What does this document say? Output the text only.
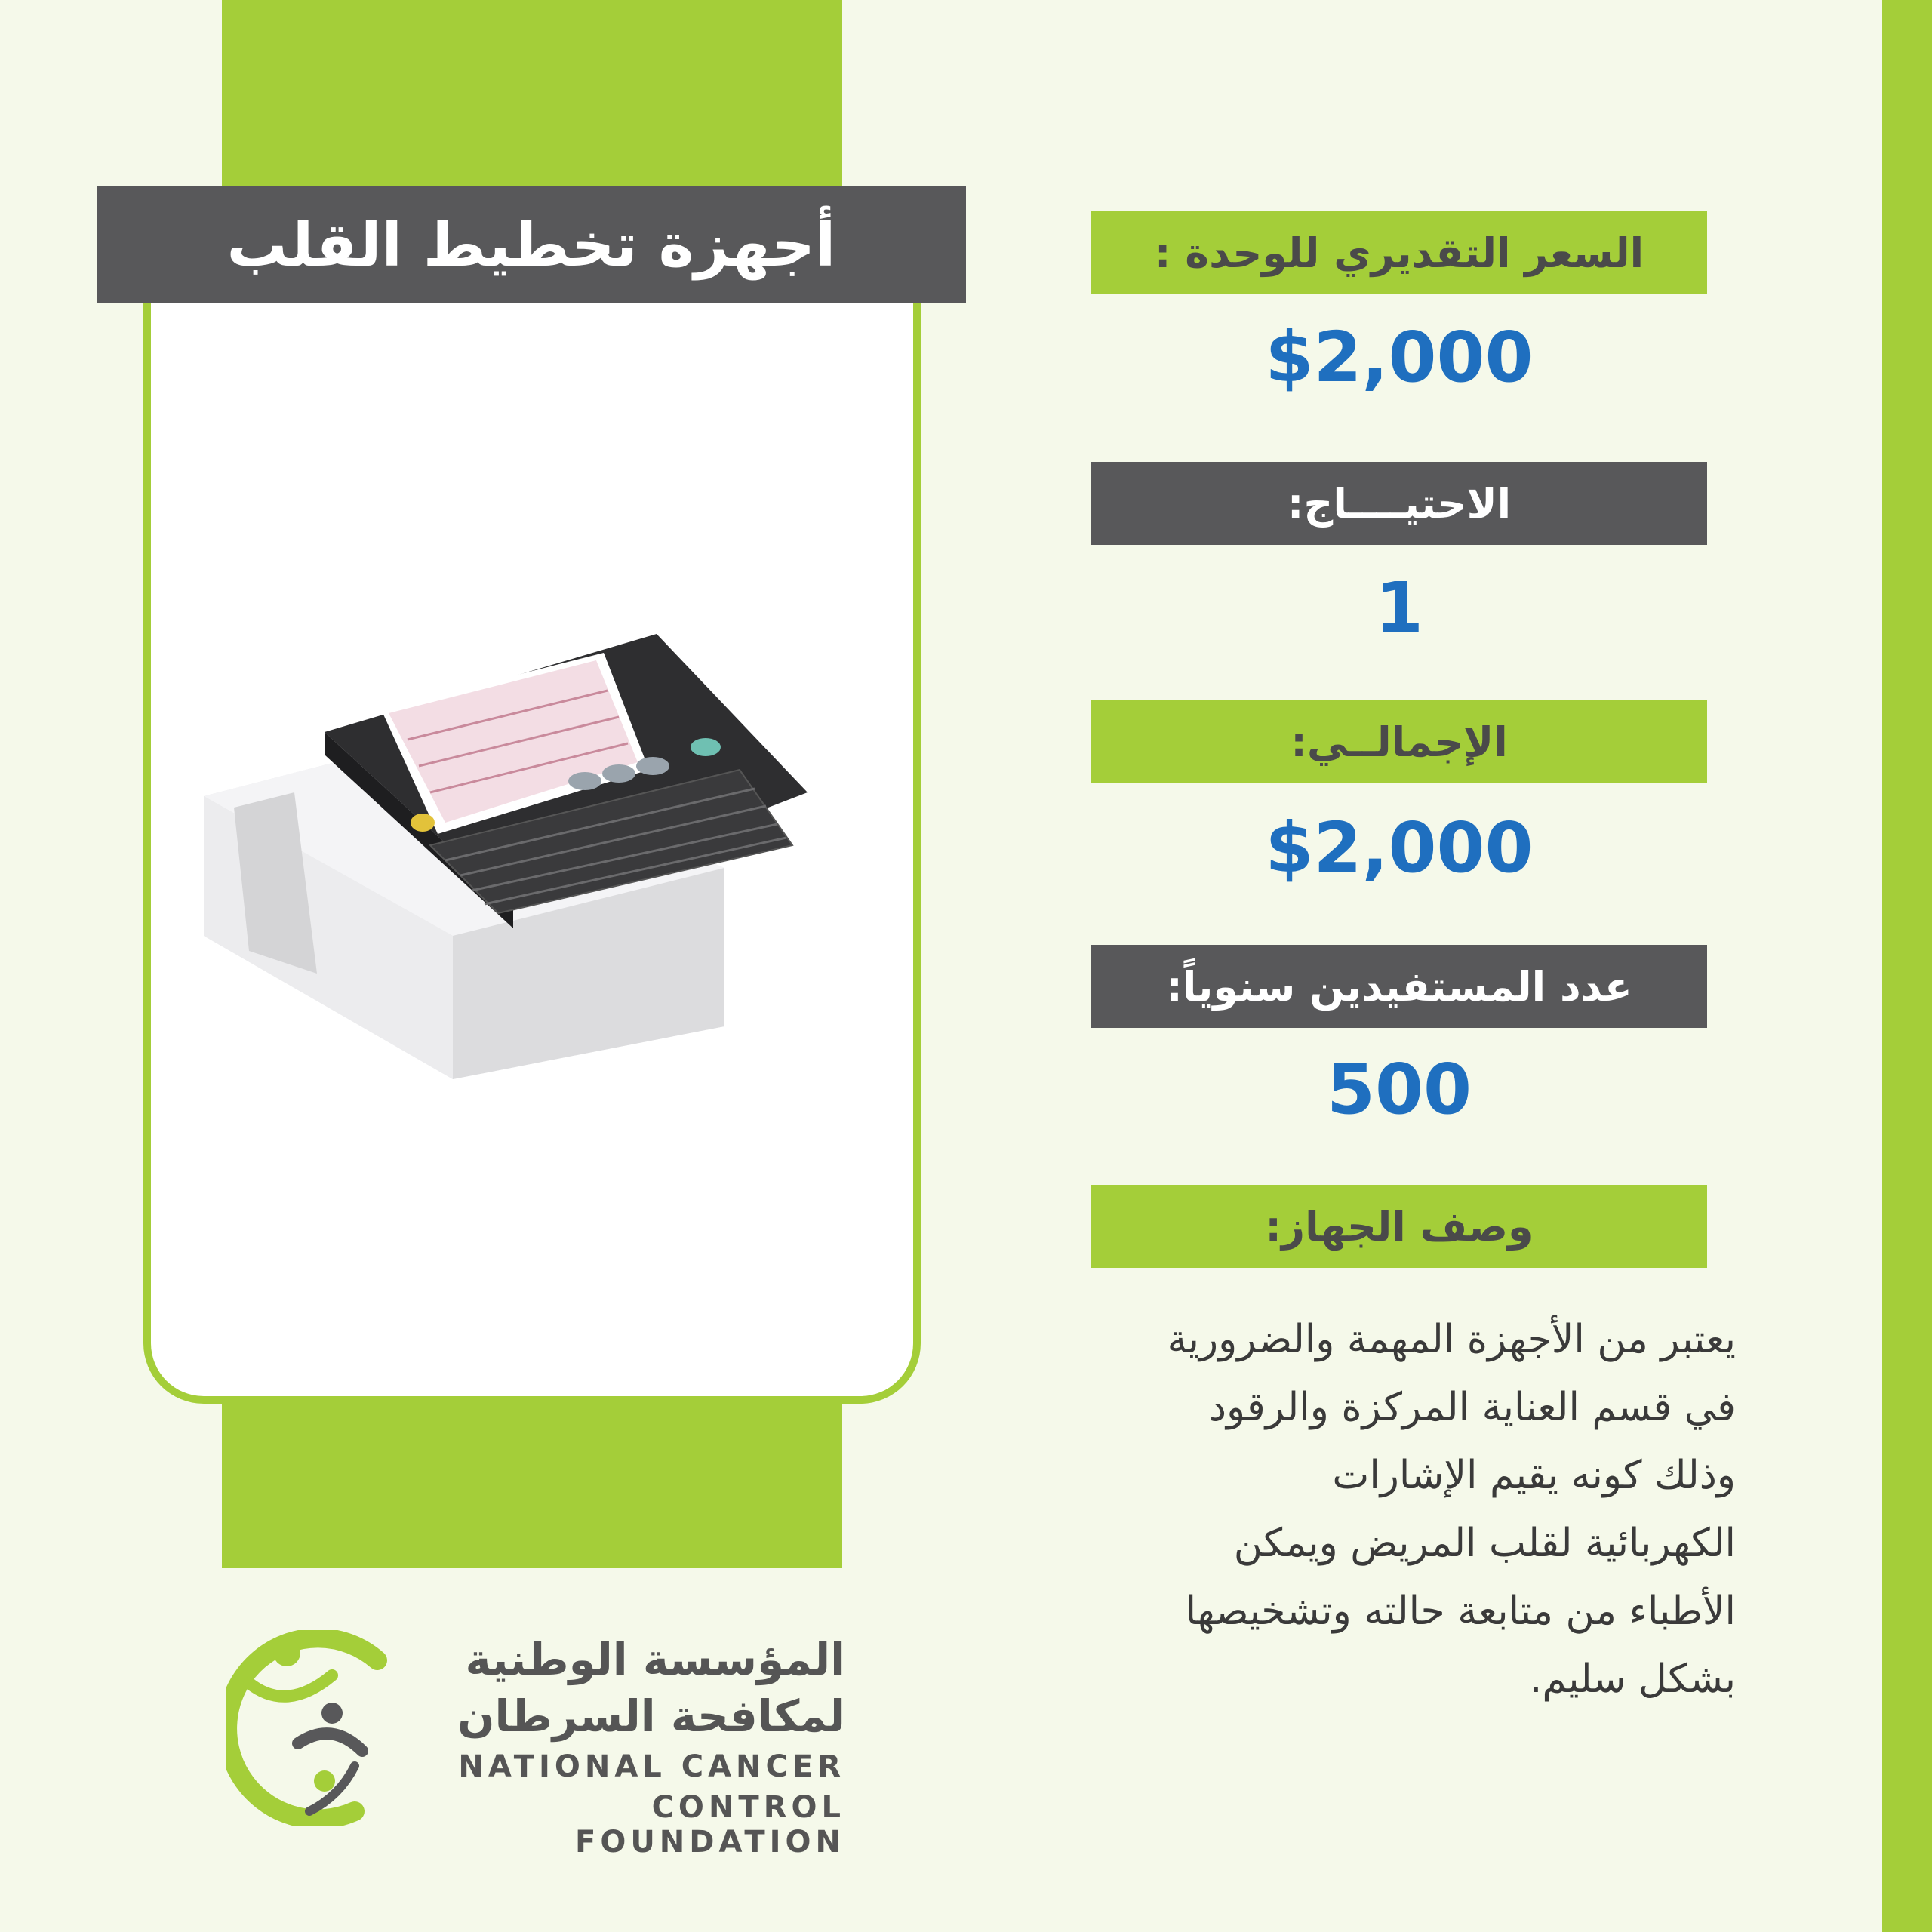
أجهزة تخطيط القلب	السعر التقديري للوحدة :
$2,000
الاحتيــــاج:
1
الإجمالــي:
$2,000
عدد المستفيدين سنوياً:
500
وصف الجهاز:
يعتبر من الأجهزة المهمة والضرورية
في قسم العناية المركزة والرقود
وذلك كونه يقيم الإشارات
الكهربائية لقلب المريض ويمكن
الأطباء من متابعة حالته وتشخيصها
بشكل سليم.
المؤسسة الوطنية
لمكافحة السرطان
NATIONAL CANCER
CONTROL FOUNDATION
